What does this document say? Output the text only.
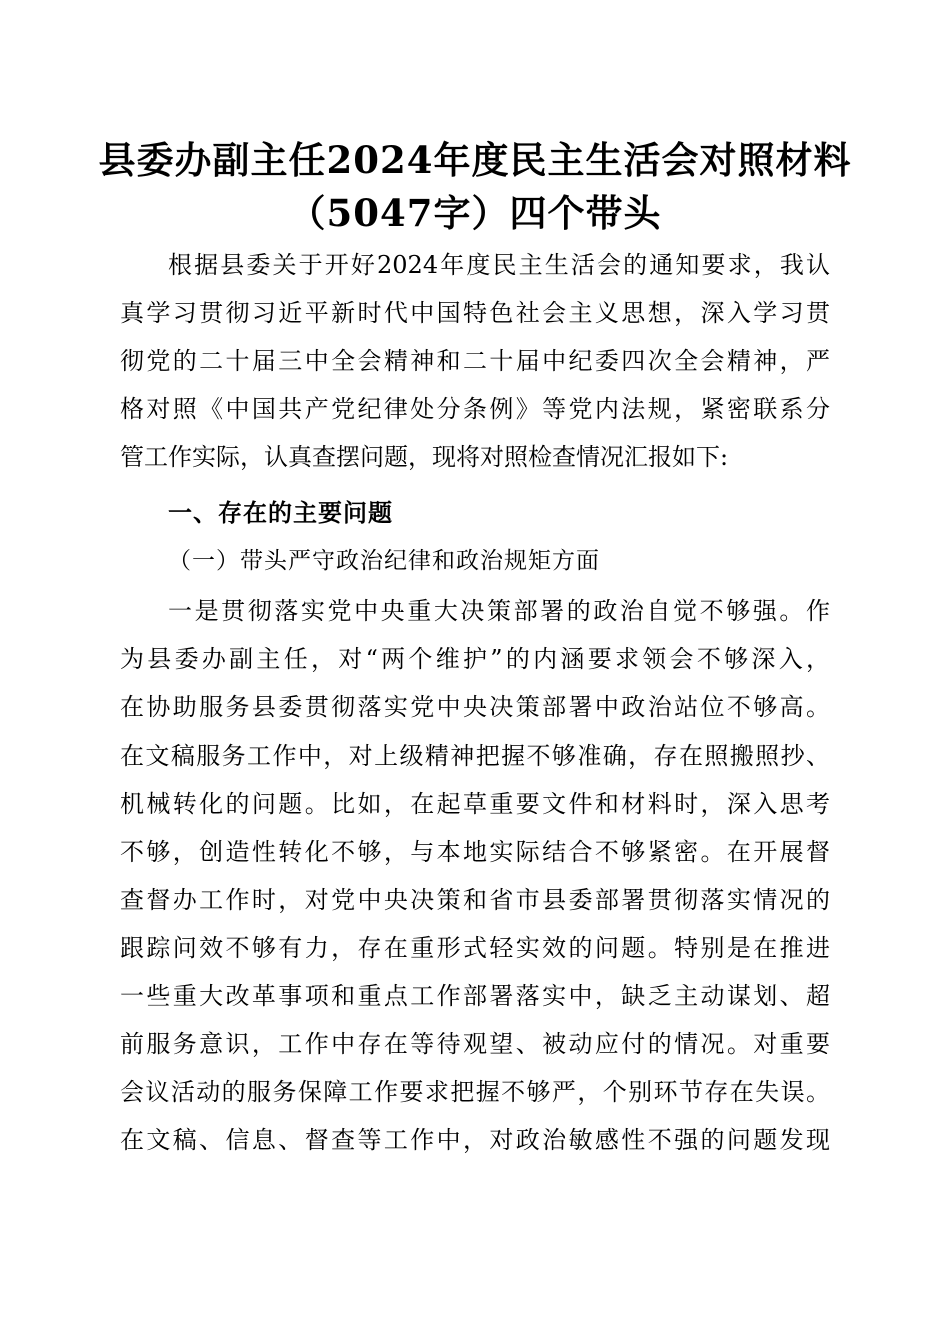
县委办副主任2024年度民主生活会对照材料
（5047字）四个带头
根据县委关于开好2024年度民主生活会的通知要求，我认
真学习贯彻习近平新时代中国特色社会主义思想，深入学习贯
彻党的二十届三中全会精神和二十届中纪委四次全会精神，严
格对照《中国共产党纪律处分条例》等党内法规，紧密联系分
管工作实际，认真查摆问题，现将对照检查情况汇报如下:
一、存在的主要问题
（一）带头严守政治纪律和政治规矩方面
一是贯彻落实党中央重大决策部署的政治自觉不够强。作
为县委办副主任，对“两个维护”的内涵要求领会不够深入，
在协助服务县委贯彻落实党中央决策部署中政治站位不够高。
在文稿服务工作中，对上级精神把握不够准确，存在照搬照抄、
机械转化的问题。比如，在起草重要文件和材料时，深入思考
不够，创造性转化不够，与本地实际结合不够紧密。在开展督
查督办工作时，对党中央决策和省市县委部署贯彻落实情况的
跟踪问效不够有力，存在重形式轻实效的问题。特别是在推进
一些重大改革事项和重点工作部署落实中，缺乏主动谋划、超
前服务意识，工作中存在等待观望、被动应付的情况。对重要
会议活动的服务保障工作要求把握不够严，个别环节存在失误。
在文稿、信息、督查等工作中，对政治敏感性不强的问题发现
